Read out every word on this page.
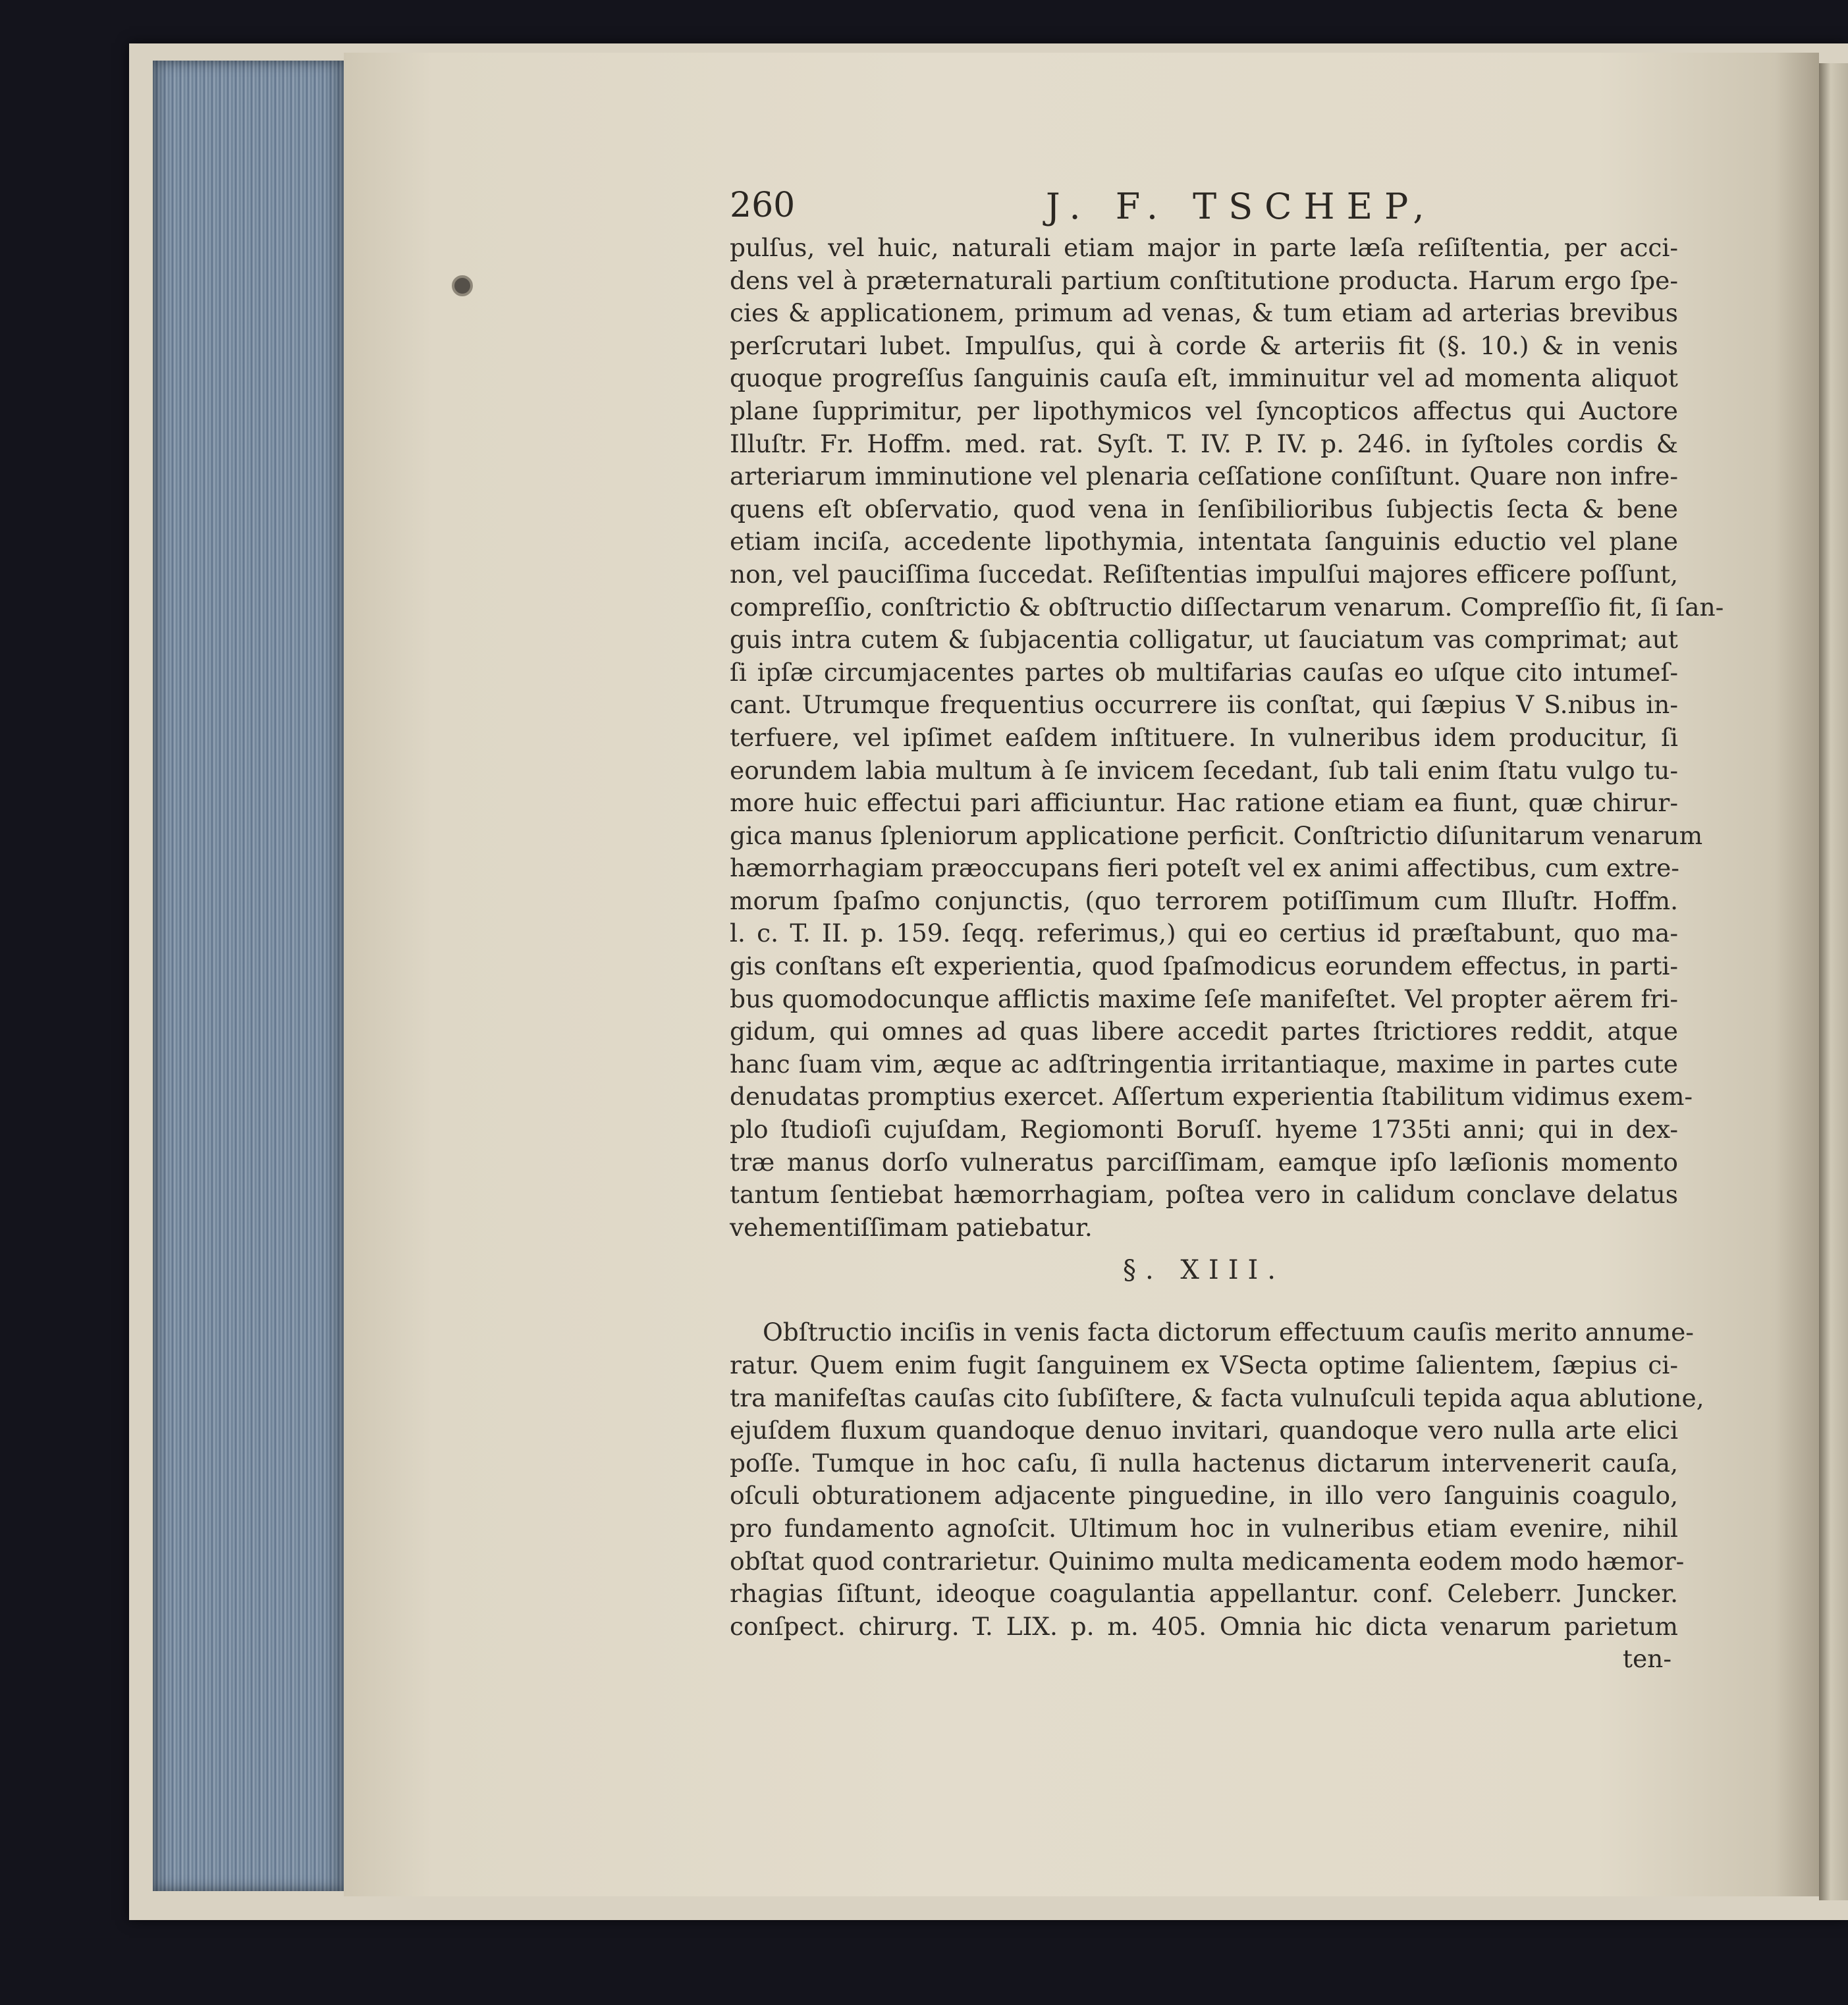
260	J. F. TSCHEP,
pulſus, vel huic, naturali etiam major in parte læſa reſiſtentia, per acci-
dens vel à præternaturali partium conſtitutione producta. Harum ergo ſpe-
cies & applicationem, primum ad venas, & tum etiam ad arterias brevibus
perſcrutari lubet. Impulſus, qui à corde & arteriis fit (§. 10.) & in venis
quoque progreſſus ſanguinis cauſa eſt, imminuitur vel ad momenta aliquot
plane ſupprimitur, per lipothymicos vel ſyncopticos affectus qui Auctore
Illuſtr. Fr. Hoffm. med. rat. Syſt. T. IV. P. IV. p. 246. in ſyſtoles cordis &
arteriarum imminutione vel plenaria ceſſatione conſiſtunt. Quare non infre-
quens eſt obſervatio, quod vena in ſenſibilioribus ſubjectis ſecta & bene
etiam inciſa, accedente lipothymia, intentata ſanguinis eductio vel plane
non, vel pauciſſima ſuccedat. Reſiſtentias impulſui majores efficere poſſunt,
compreſſio, conſtrictio & obſtructio diſſectarum venarum. Compreſſio fit, ſi ſan-
guis intra cutem & ſubjacentia colligatur, ut ſauciatum vas comprimat; aut
ſi ipſæ circumjacentes partes ob multifarias cauſas eo uſque cito intumeſ-
cant. Utrumque frequentius occurrere iis conſtat, qui ſæpius V S.nibus in-
terfuere, vel ipſimet eaſdem inſtituere. In vulneribus idem producitur, ſi
eorundem labia multum à ſe invicem ſecedant, ſub tali enim ſtatu vulgo tu-
more huic effectui pari afficiuntur. Hac ratione etiam ea fiunt, quæ chirur-
gica manus ſpleniorum applicatione perficit. Conſtrictio diſunitarum venarum
hæmorrhagiam præoccupans fieri poteſt vel ex animi affectibus, cum extre-
morum ſpaſmo conjunctis, (quo terrorem potiſſimum cum Illuſtr. Hoffm.
l. c. T. II. p. 159. ſeqq. referimus,) qui eo certius id præſtabunt, quo ma-
gis conſtans eſt experientia, quod ſpaſmodicus eorundem effectus, in parti-
bus quomodocunque afflictis maxime ſeſe manifeſtet. Vel propter aërem fri-
gidum, qui omnes ad quas libere accedit partes ſtrictiores reddit, atque
hanc ſuam vim, æque ac adſtringentia irritantiaque, maxime in partes cute
denudatas promptius exercet. Aſſertum experientia ſtabilitum vidimus exem-
plo ſtudioſi cujuſdam, Regiomonti Boruſſ. hyeme 1735ti anni; qui in dex-
træ manus dorſo vulneratus parciſſimam, eamque ipſo læſionis momento
tantum ſentiebat hæmorrhagiam, poſtea vero in calidum conclave delatus
vehementiſſimam patiebatur.
§. XIII.
Obſtructio inciſis in venis facta dictorum effectuum cauſis merito annume-
ratur. Quem enim fugit ſanguinem ex VSecta optime ſalientem, ſæpius ci-
tra manifeſtas cauſas cito ſubſiſtere, & facta vulnuſculi tepida aqua ablutione,
ejuſdem fluxum quandoque denuo invitari, quandoque vero nulla arte elici
poſſe. Tumque in hoc caſu, ſi nulla hactenus dictarum intervenerit cauſa,
oſculi obturationem adjacente pinguedine, in illo vero ſanguinis coagulo,
pro fundamento agnoſcit. Ultimum hoc in vulneribus etiam evenire, nihil
obſtat quod contrarietur. Quinimo multa medicamenta eodem modo hæmor-
rhagias ſiſtunt, ideoque coagulantia appellantur. conf. Celeberr. Juncker.
conſpect. chirurg. T. LIX. p. m. 405. Omnia hic dicta venarum parietum
ten-
